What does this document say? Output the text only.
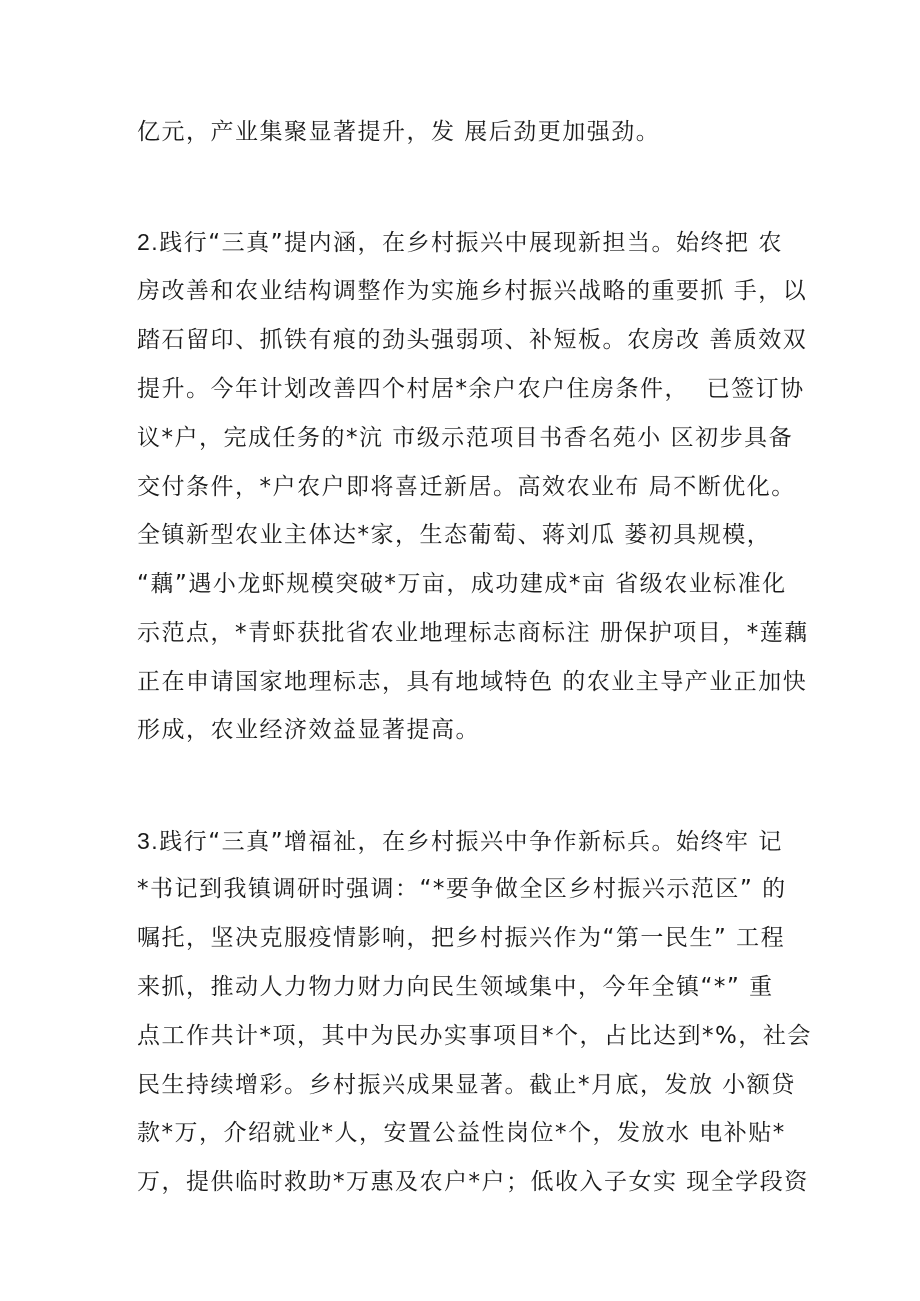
亿元，产业集聚显著提升，发 展后劲更加强劲。
2.践行“三真”提内涵，在乡村振兴中展现新担当。始终把 农
房改善和农业结构调整作为实施乡村振兴战略的重要抓 手，以
踏石留印、抓铁有痕的劲头强弱项、补短板。农房改 善质效双
提升。今年计划改善四个村居*余户农户住房条件，  已签订协
议*户，完成任务的*沆 市级示范项目书香名苑小 区初步具备
交付条件，*户农户即将喜迁新居。高效农业布 局不断优化。
全镇新型农业主体达*家，生态葡萄、蒋刘瓜 蒌初具规模，
“藕”遇小龙虾规模突破*万亩，成功建成*亩 省级农业标准化
示范点，*青虾获批省农业地理标志商标注 册保护项目，*莲藕
正在申请国家地理标志，具有地域特色 的农业主导产业正加快
形成，农业经济效益显著提高。
3.践行“三真”增福祉，在乡村振兴中争作新标兵。始终牢 记
*书记到我镇调研时强调：“*要争做全区乡村振兴示范区” 的
嘱托，坚决克服疫情影响，把乡村振兴作为“第一民生” 工程
来抓，推动人力物力财力向民生领域集中，今年全镇“*” 重
点工作共计*项，其中为民办实事项目*个，占比达到*%，社会
民生持续增彩。乡村振兴成果显著。截止*月底，发放 小额贷
款*万，介绍就业*人，安置公益性岗位*个，发放水 电补贴*
万，提供临时救助*万惠及农户*户；低收入子女实 现全学段资
